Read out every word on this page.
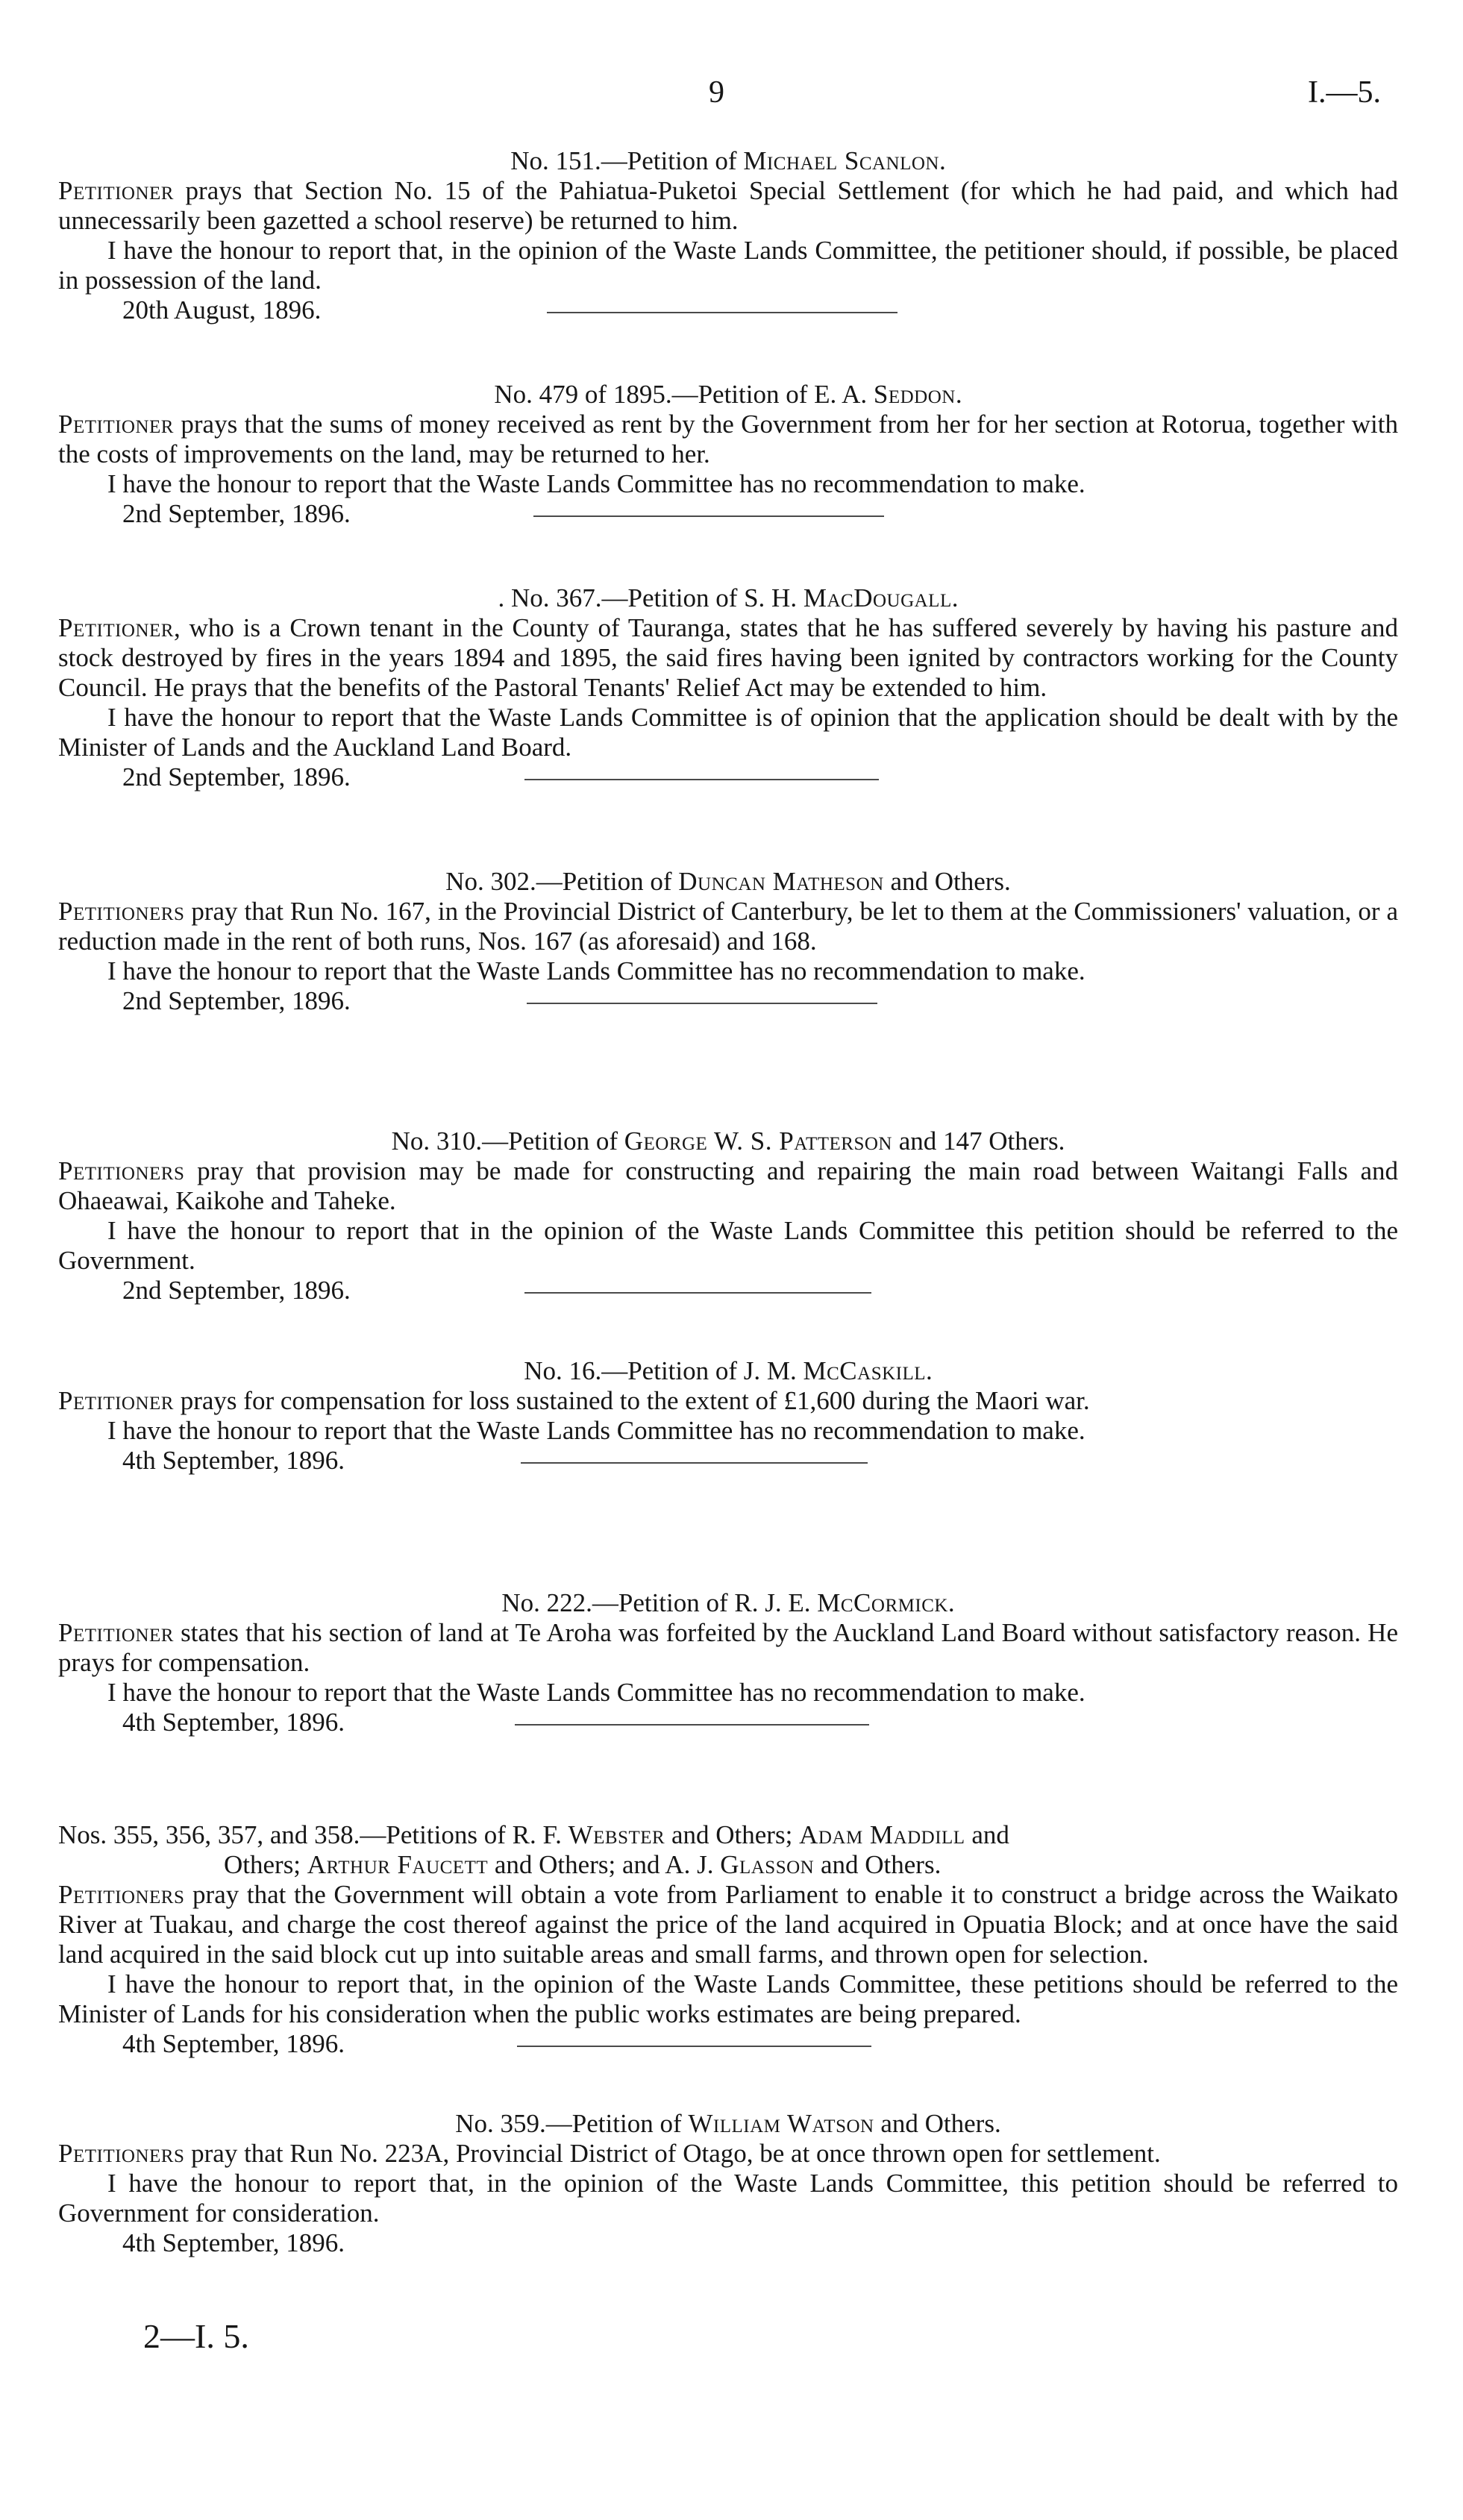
9	I.—5.
No. 151.—Petition of Michael Scanlon.

Petitioner prays that Section No. 15 of the Pahiatua-Puketoi Special Settlement (for which he had paid, and which had unnecessarily been gazetted a school reserve) be returned to him.

I have the honour to report that, in the opinion of the Waste Lands Committee, the petitioner should, if possible, be placed in possession of the land.

20th August, 1896.
No. 479 of 1895.—Petition of E. A. Seddon.

Petitioner prays that the sums of money received as rent by the Government from her for her section at Rotorua, together with the costs of improvements on the land, may be returned to her.

I have the honour to report that the Waste Lands Committee has no recommendation to make.

2nd September, 1896.
. No. 367.—Petition of S. H. MacDougall.

Petitioner, who is a Crown tenant in the County of Tauranga, states that he has suffered severely by having his pasture and stock destroyed by fires in the years 1894 and 1895, the said fires having been ignited by contractors working for the County Council. He prays that the benefits of the Pastoral Tenants' Relief Act may be extended to him.

I have the honour to report that the Waste Lands Committee is of opinion that the application should be dealt with by the Minister of Lands and the Auckland Land Board.

2nd September, 1896.
No. 302.—Petition of Duncan Matheson and Others.

Petitioners pray that Run No. 167, in the Provincial District of Canterbury, be let to them at the Commissioners' valuation, or a reduction made in the rent of both runs, Nos. 167 (as aforesaid) and 168.

I have the honour to report that the Waste Lands Committee has no recommendation to make.

2nd September, 1896.
No. 310.—Petition of George W. S. Patterson and 147 Others.

Petitioners pray that provision may be made for constructing and repairing the main road between Waitangi Falls and Ohaeawai, Kaikohe and Taheke.

I have the honour to report that in the opinion of the Waste Lands Committee this petition should be referred to the Government.

2nd September, 1896.
No. 16.—Petition of J. M. McCaskill.

Petitioner prays for compensation for loss sustained to the extent of £1,600 during the Maori war.

I have the honour to report that the Waste Lands Committee has no recommendation to make.

4th September, 1896.
No. 222.—Petition of R. J. E. McCormick.

Petitioner states that his section of land at Te Aroha was forfeited by the Auckland Land Board without satisfactory reason. He prays for compensation.

I have the honour to report that the Waste Lands Committee has no recommendation to make.

4th September, 1896.
Nos. 355, 356, 357, and 358.—Petitions of R. F. Webster and Others; Adam Maddill and
Others; Arthur Faucett and Others; and A. J. Glasson and Others.

Petitioners pray that the Government will obtain a vote from Parliament to enable it to construct a bridge across the Waikato River at Tuakau, and charge the cost thereof against the price of the land acquired in Opuatia Block; and at once have the said land acquired in the said block cut up into suitable areas and small farms, and thrown open for selection.

I have the honour to report that, in the opinion of the Waste Lands Committee, these petitions should be referred to the Minister of Lands for his consideration when the public works estimates are being prepared.

4th September, 1896.
No. 359.—Petition of William Watson and Others.

Petitioners pray that Run No. 223A, Provincial District of Otago, be at once thrown open for settlement.

I have the honour to report that, in the opinion of the Waste Lands Committee, this petition should be referred to Government for consideration.

4th September, 1896.
2—I. 5.
